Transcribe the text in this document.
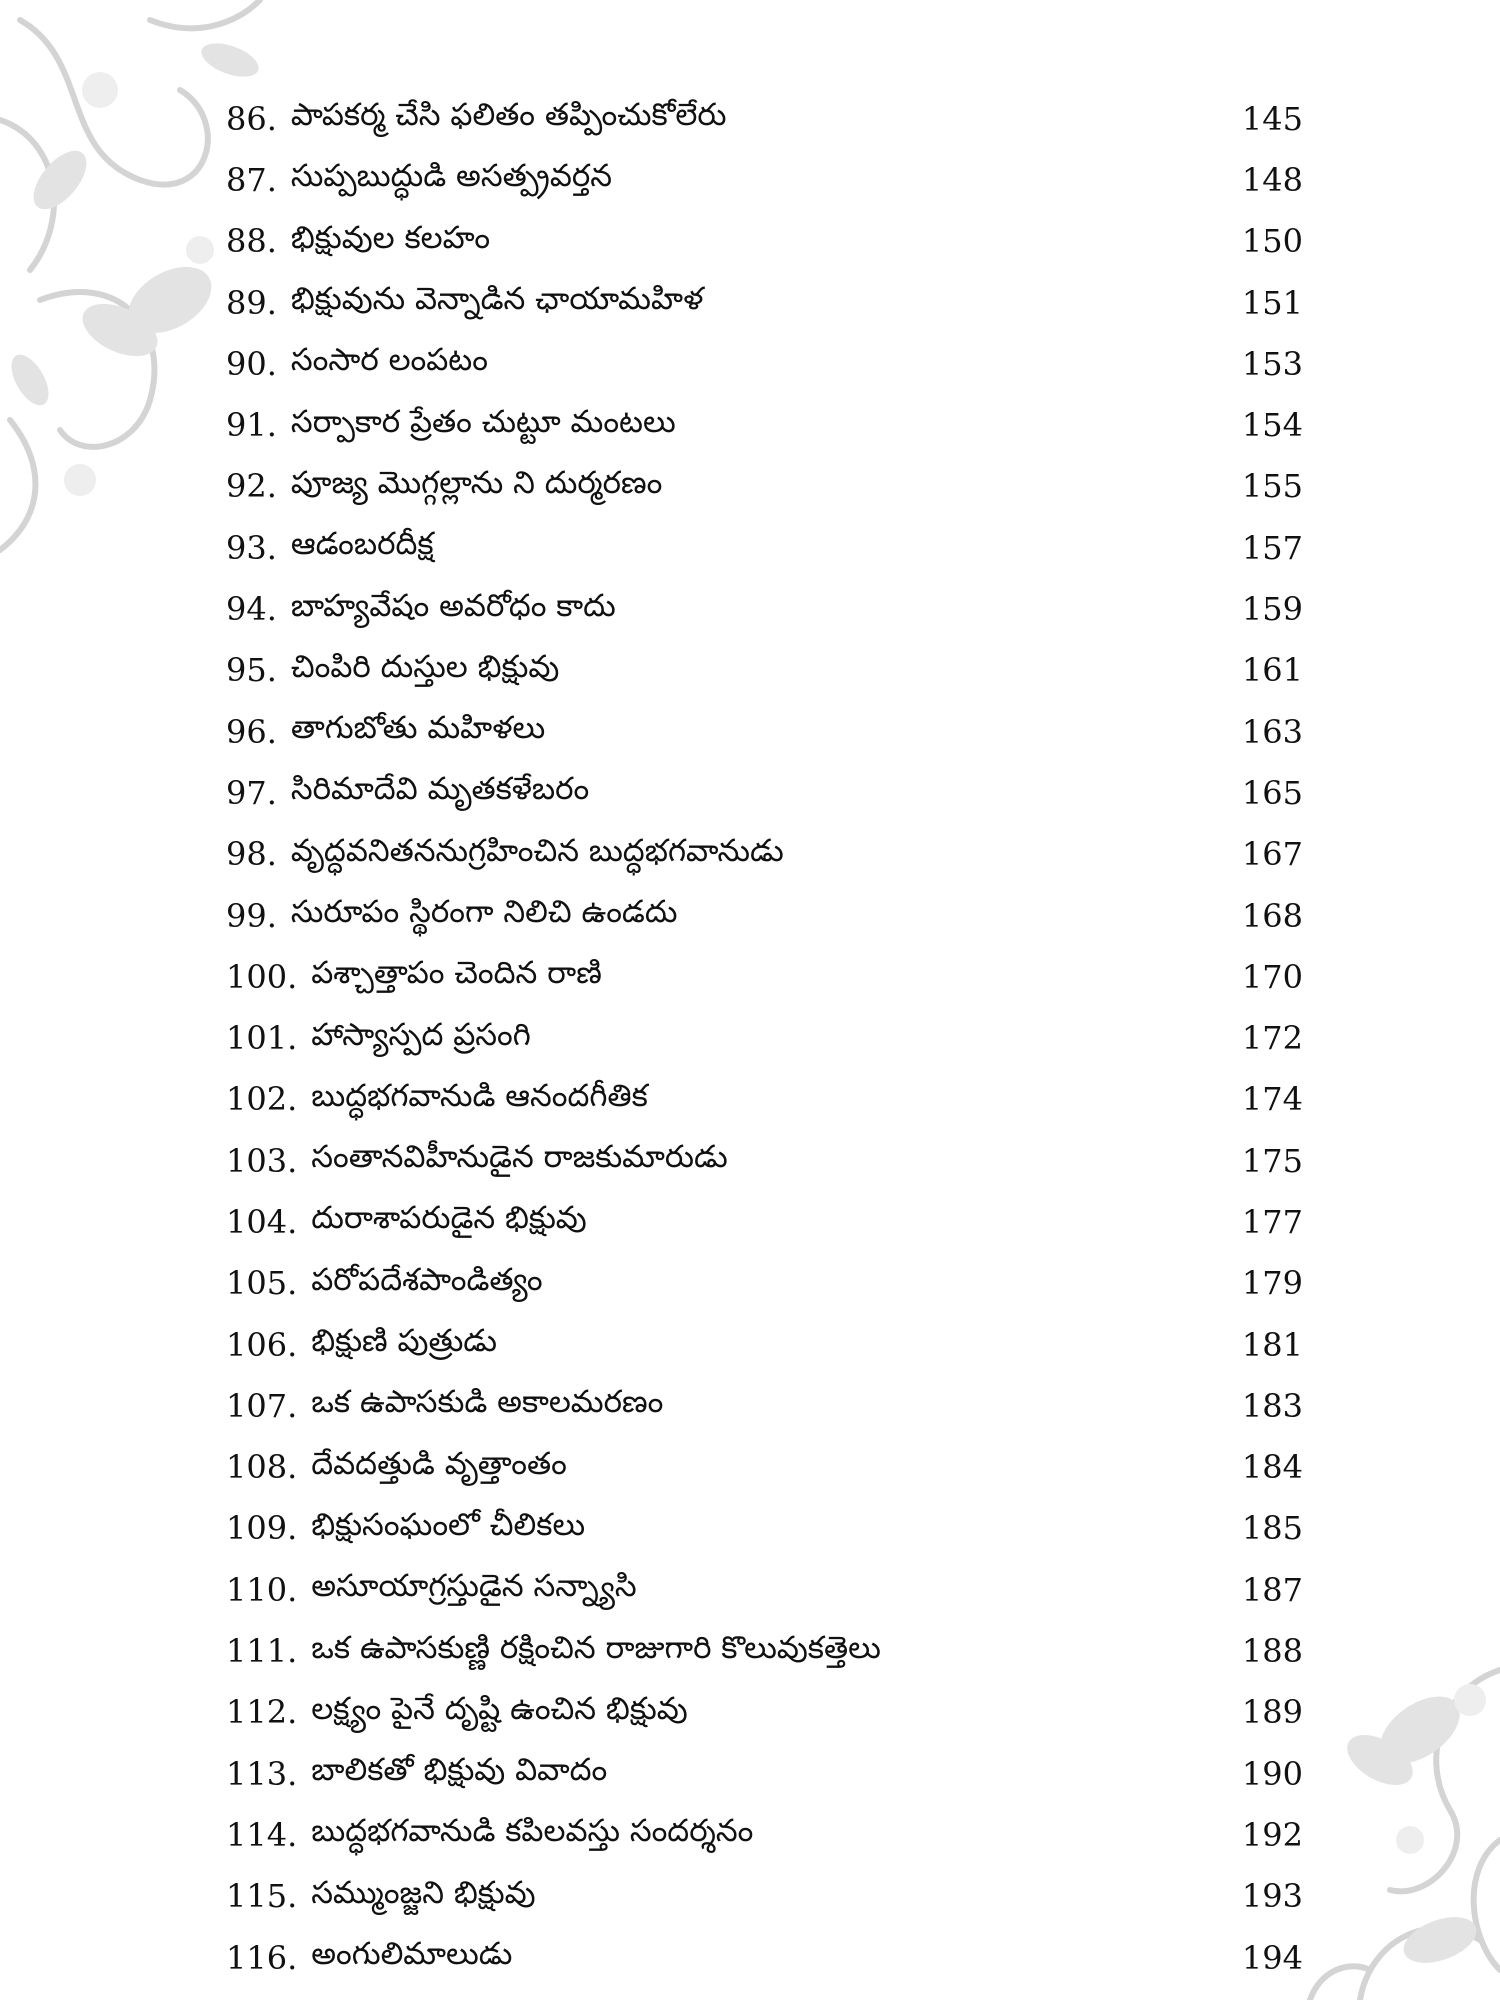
86. పాపకర్మ చేసి ఫలితం తప్పించుకోలేరు	145
87. సుప్పబుద్ధుడి అసత్ప్రవర్తన	148
88. భిక్షువుల కలహం	150
89. భిక్షువును వెన్నాడిన ఛాయామహిళ	151
90. సంసార లంపటం	153
91. సర్పాకార ప్రేతం చుట్టూ మంటలు	154
92. పూజ్య మొగ్గల్లాను ని దుర్మరణం	155
93. ఆడంబరదీక్ష	157
94. బాహ్యవేషం అవరోధం కాదు	159
95. చింపిరి దుస్తుల భిక్షువు	161
96. తాగుబోతు మహిళలు	163
97. సిరిమాదేవి మృతకళేబరం	165
98. వృద్ధవనితననుగ్రహించిన బుద్ధభగవానుడు	167
99. సురూపం స్థిరంగా నిలిచి ఉండదు	168
100. పశ్చాత్తాపం చెందిన రాణి	170
101. హాస్యాస్పద ప్రసంగి	172
102. బుద్ధభగవానుడి ఆనందగీతిక	174
103. సంతానవిహీనుడైన రాజకుమారుడు	175
104. దురాశాపరుడైన భిక్షువు	177
105. పరోపదేశపాండిత్యం	179
106. భిక్షుణి పుత్రుడు	181
107. ఒక ఉపాసకుడి అకాలమరణం	183
108. దేవదత్తుడి వృత్తాంతం	184
109. భిక్షుసంఘంలో చీలికలు	185
110. అసూయాగ్రస్తుడైన సన్న్యాసి	187
111. ఒక ఉపాసకుణ్ణి రక్షించిన రాజుగారి కొలువుకత్తెలు	188
112. లక్ష్యం పైనే దృష్టి ఉంచిన భిక్షువు	189
113. బాలికతో భిక్షువు వివాదం	190
114. బుద్ధభగవానుడి కపిలవస్తు సందర్శనం	192
115. సమ్ముంజ్జని భిక్షువు	193
116. అంగులిమాలుడు	194
